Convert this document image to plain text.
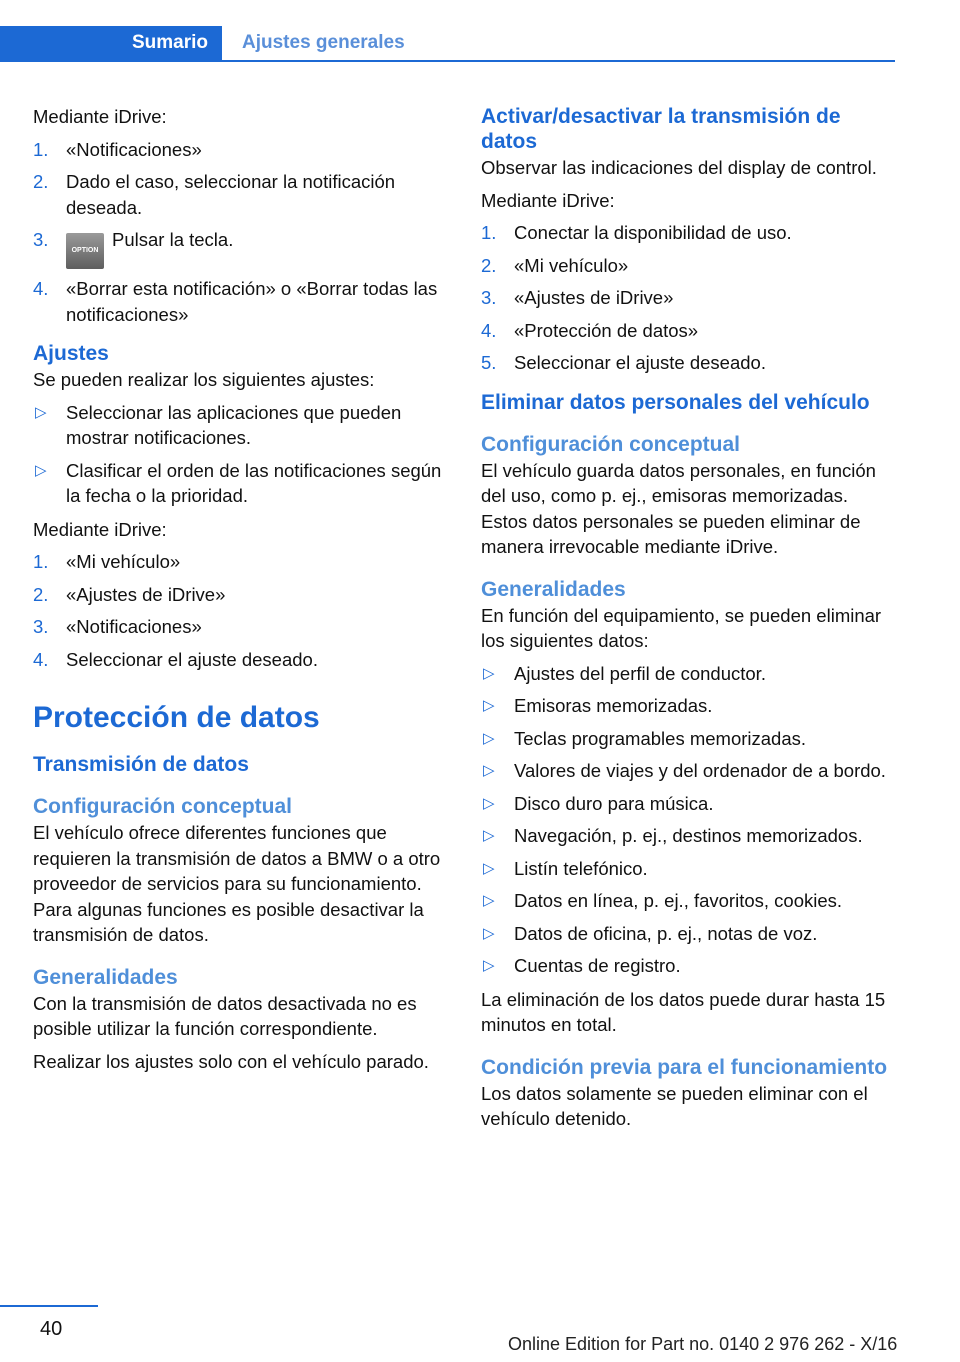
Sumario	Ajustes generales

Mediante iDrive:

1. «Notificaciones»
2. Dado el caso, seleccionar la notificación deseada.
3.
OPTIONPulsar la tecla.
4. «Borrar esta notificación» o «Borrar todas las notificaciones»
Ajustes

Se pueden realizar los siguientes ajustes:

▷ Seleccionar las aplicaciones que pueden mostrar notificaciones.
▷ Clasificar el orden de las notificaciones según la fecha o la prioridad.

Mediante iDrive:

1. «Mi vehículo»
2. «Ajustes de iDrive»
3. «Notificaciones»
4. Seleccionar el ajuste deseado.
Protección de datos
Transmisión de datos
Configuración conceptual

El vehículo ofrece diferentes funciones que requieren la transmisión de datos a BMW o a otro proveedor de servicios para su funcionamiento. Para algunas funciones es posible desactivar la transmisión de datos.

Generalidades

Con la transmisión de datos desactivada no es posible utilizar la función correspondiente.

Realizar los ajustes solo con el vehículo parado.

Activar/desactivar la transmisión de datos

Observar las indicaciones del display de control.

Mediante iDrive:

1. Conectar la disponibilidad de uso.
2. «Mi vehículo»
3. «Ajustes de iDrive»
4. «Protección de datos»
5. Seleccionar el ajuste deseado.
Eliminar datos personales del vehículo
Configuración conceptual

El vehículo guarda datos personales, en función del uso, como p. ej., emisoras memorizadas. Estos datos personales se pueden eliminar de manera irrevocable mediante iDrive.

Generalidades

En función del equipamiento, se pueden eliminar los siguientes datos:

▷ Ajustes del perfil de conductor.
▷ Emisoras memorizadas.
▷ Teclas programables memorizadas.
▷ Valores de viajes y del ordenador de a bordo.
▷ Disco duro para música.
▷ Navegación, p. ej., destinos memorizados.
▷ Listín telefónico.
▷ Datos en línea, p. ej., favoritos, cookies.
▷ Datos de oficina, p. ej., notas de voz.
▷ Cuentas de registro.

La eliminación de los datos puede durar hasta 15 minutos en total.

Condición previa para el funcionamiento

Los datos solamente se pueden eliminar con el vehículo detenido.

40
Online Edition for Part no. 0140 2 976 262 - X/16
